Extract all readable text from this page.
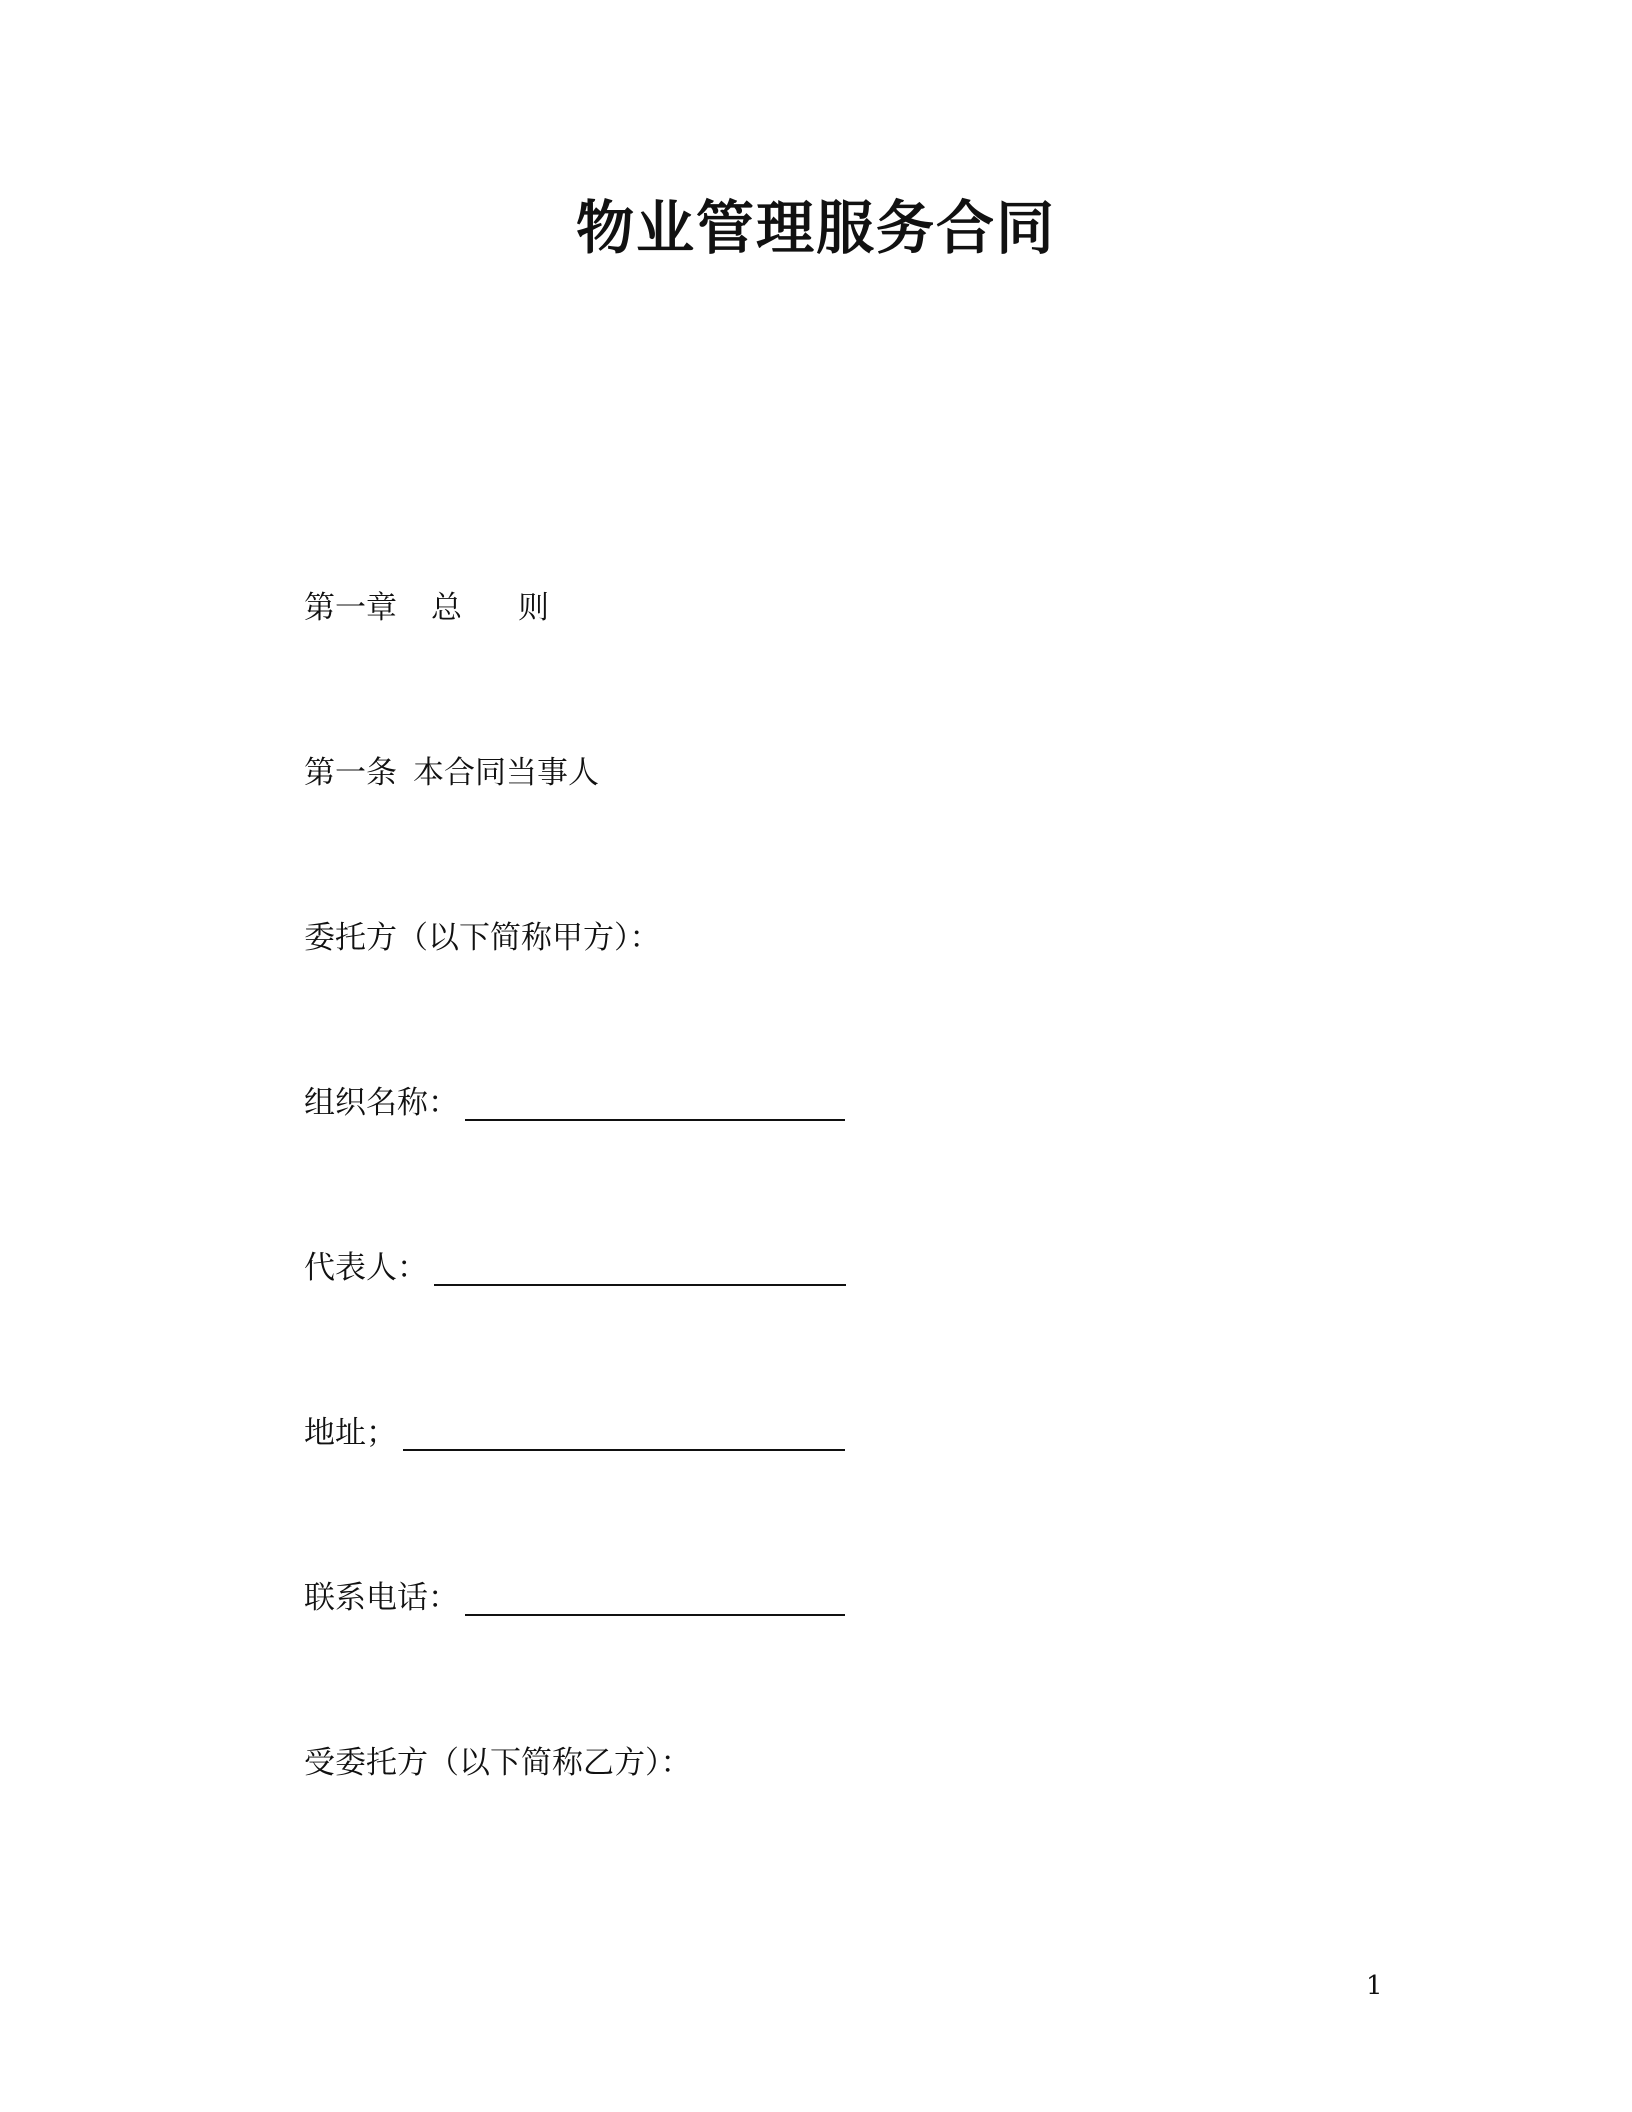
物业管理服务合同
第一章 总 则
第一条 本合同当事人
委托方（以下简称甲方）：
组织名称：
代表人：
地址；
联系电话：
受委托方（以下简称乙方）：
1
